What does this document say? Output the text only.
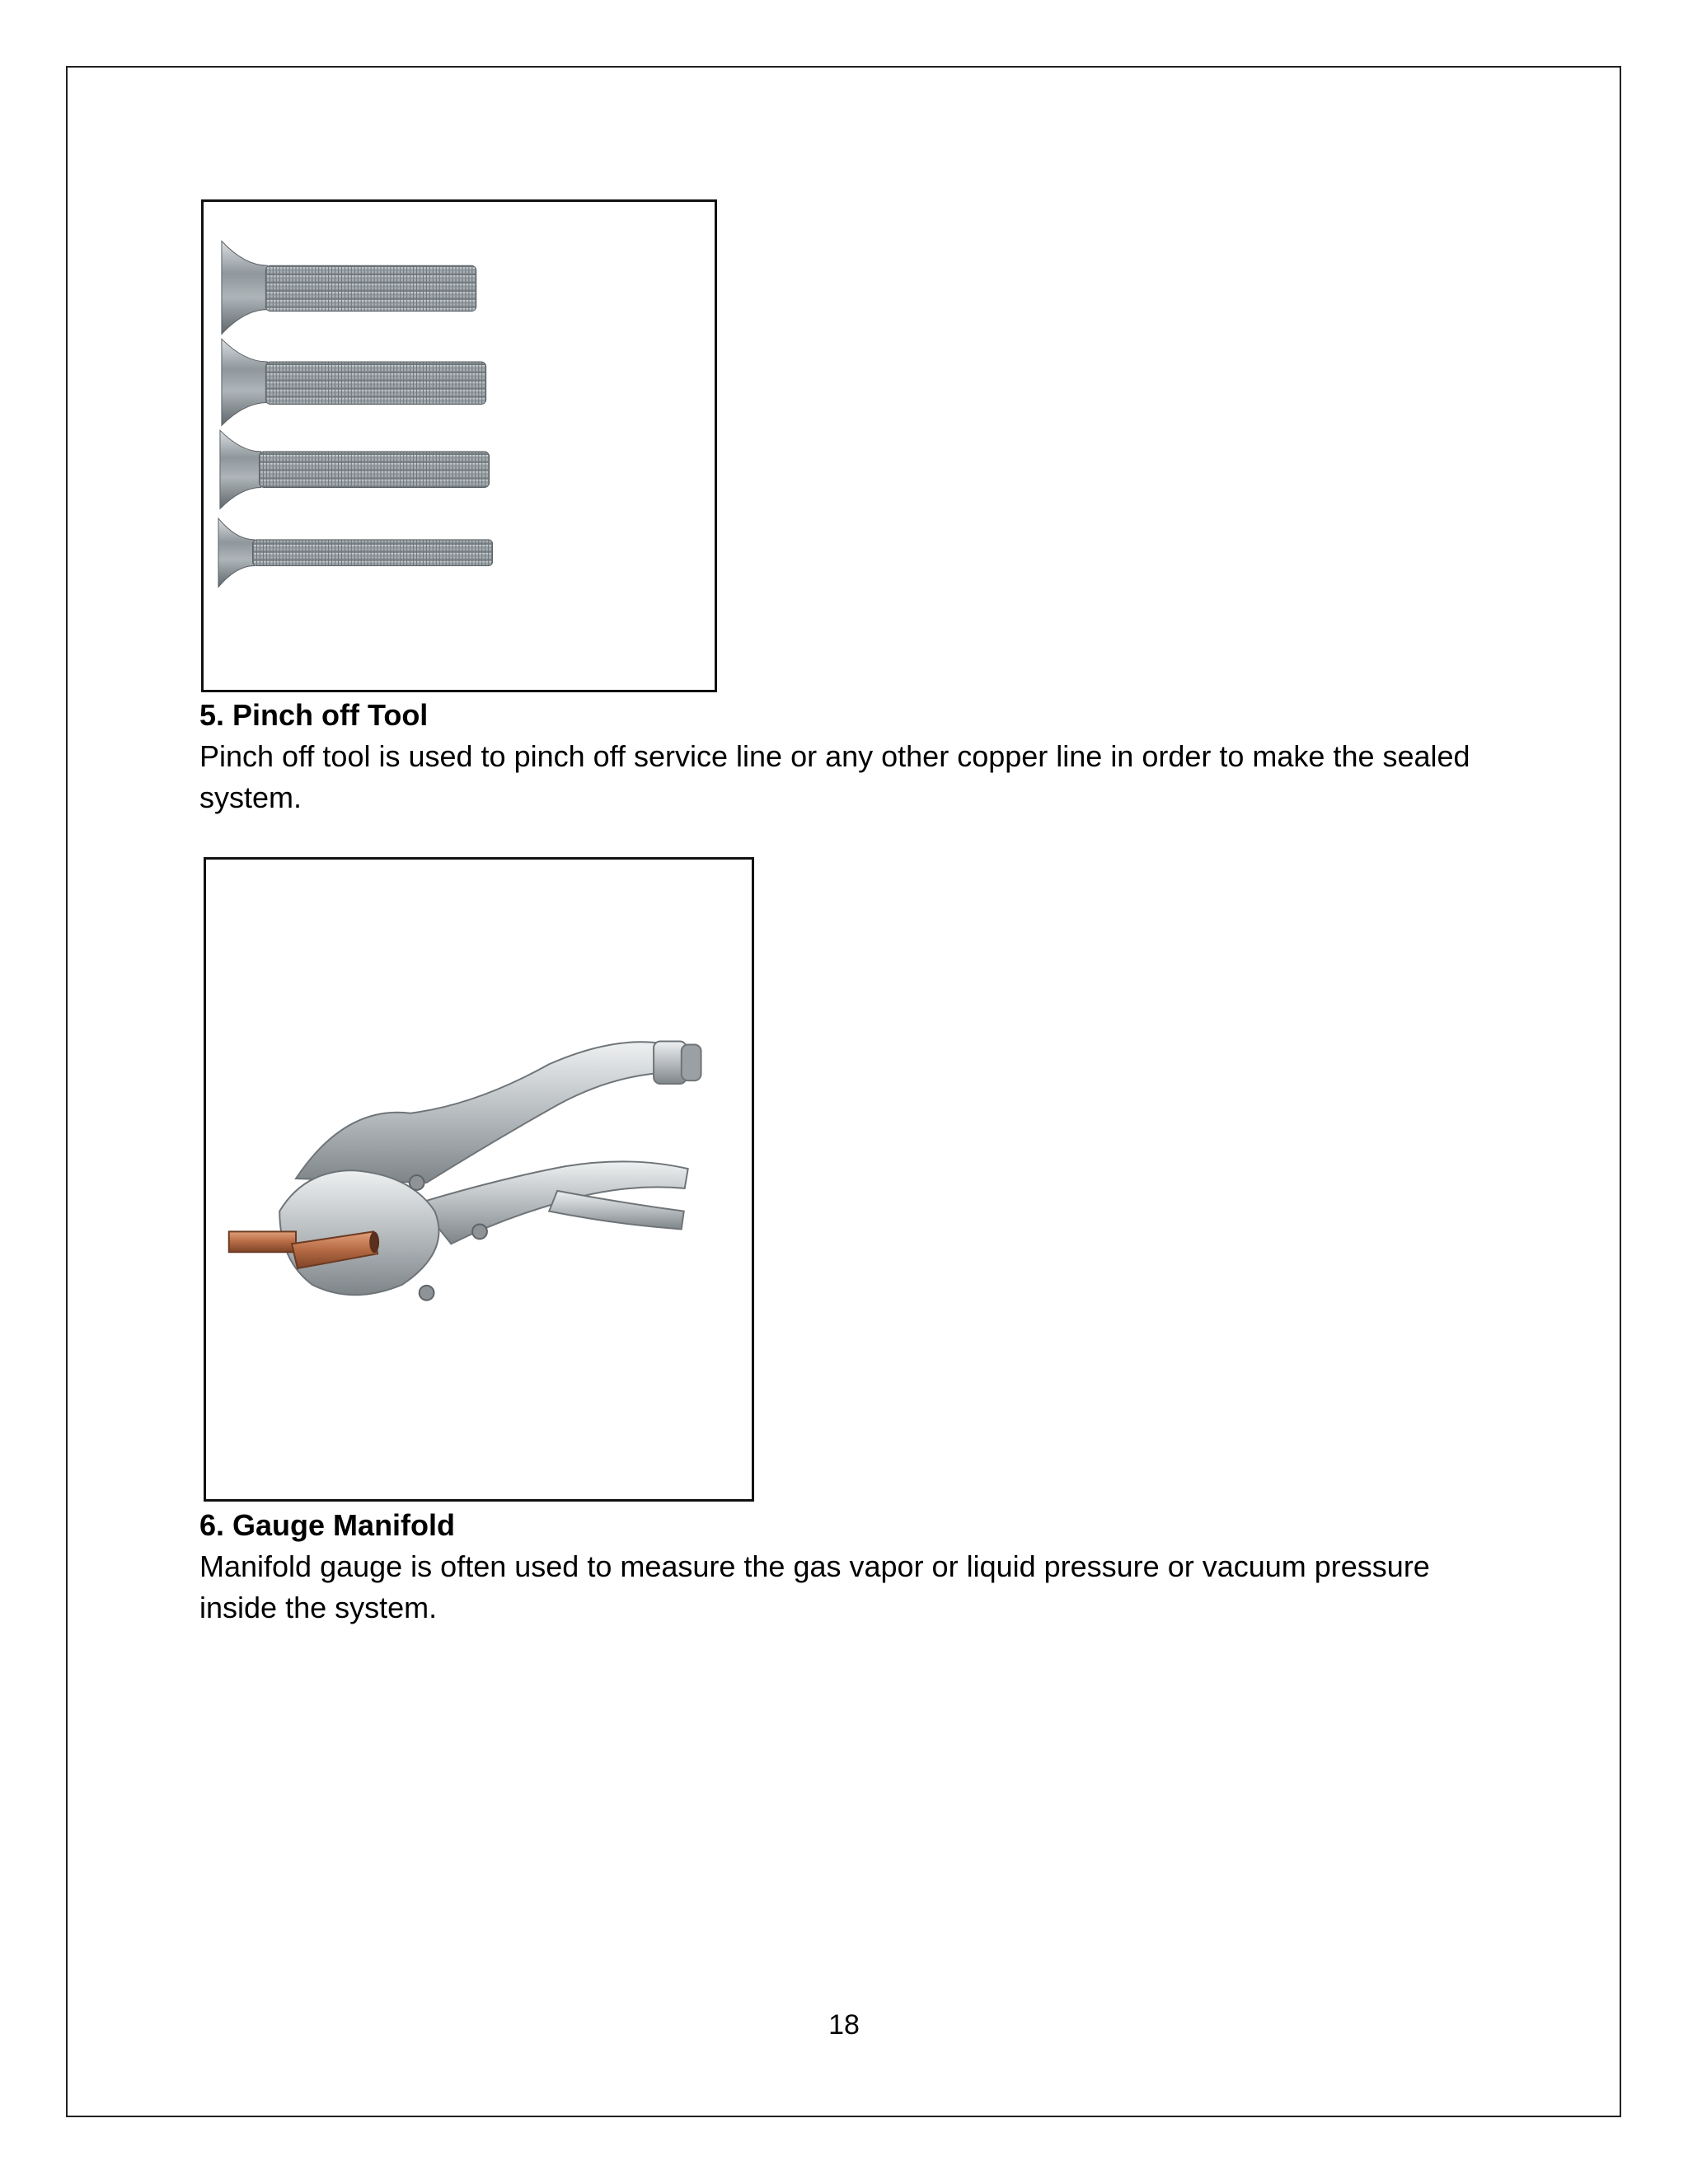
5. Pinch off Tool
Pinch off tool is used to pinch off service line or any other copper line in order to make the sealed system.
6. Gauge Manifold
Manifold gauge is often used to measure the gas vapor or liquid pressure or vacuum pressure inside the system.
18
